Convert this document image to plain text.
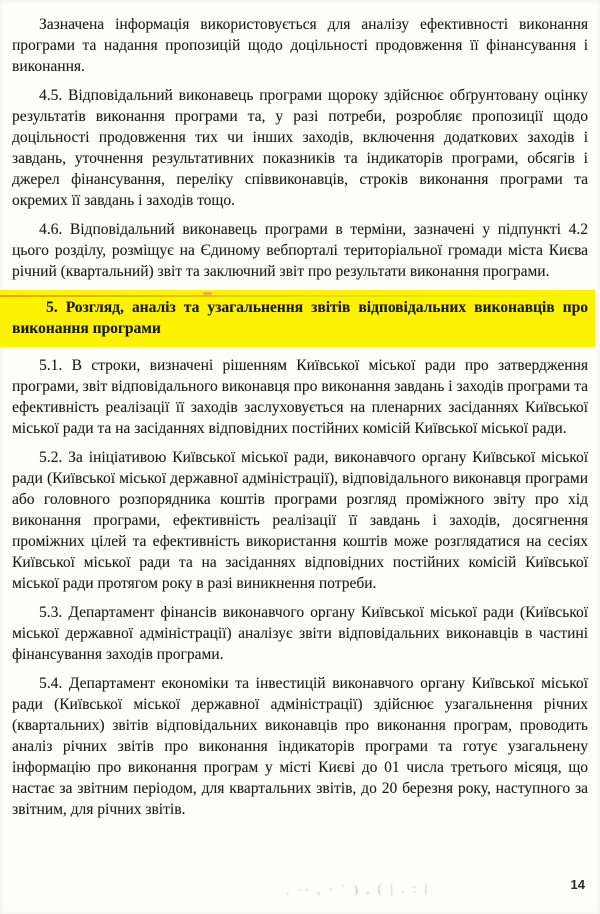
Зазначена інформація використовується для аналізу ефективності виконання програми та надання пропозицій щодо доцільності продовження її фінансування і виконання.

4.5. Відповідальний виконавець програми щороку здійснює обґрунтовану оцінку результатів виконання програми та, у разі потреби, розробляє пропозиції щодо доцільності продовження тих чи інших заходів, включення додаткових заходів і завдань, уточнення результативних показників та індикаторів програми, обсягів і джерел фінансування, переліку співвиконавців, строків виконання програми та окремих її завдань і заходів тощо.

4.6. Відповідальний виконавець програми в терміни, зазначені у підпункті 4.2 цього розділу, розміщує на Єдиному вебпорталі територіальної громади міста Києва річний (квартальний) звіт та заключний звіт про результати виконання програми.

5. Розгляд, аналіз та узагальнення звітів відповідальних виконавців про виконання програми

5.1. В строки, визначені рішенням Київської міської ради про затвердження програми, звіт відповідального виконавця про виконання завдань і заходів програми та ефективність реалізації її заходів заслуховується на пленарних засіданнях Київської міської ради та на засіданнях відповідних постійних комісій Київської міської ради.

5.2. За ініціативою Київської міської ради, виконавчого органу Київської міської ради (Київської міської державної адміністрації), відповідального виконавця програми або головного розпорядника коштів програми розгляд проміжного звіту про хід виконання програми, ефективність реалізації її завдань і заходів, досягнення проміжних цілей та ефективність використання коштів може розглядатися на сесіях Київської міської ради та на засіданнях відповідних постійних комісій Київської міської ради протягом року в разі виникнення потреби.

5.3. Департамент фінансів виконавчого органу Київської міської ради (Київської міської державної адміністрації) аналізує звіти відповідальних виконавців в частині фінансування заходів програми.

5.4. Департамент економіки та інвестицій виконавчого органу Київської міської ради (Київської міської державної адміністрації) здійснює узагальнення річних (квартальних) звітів відповідальних виконавців про виконання програм, проводить аналіз річних звітів про виконання індикаторів програми та готує узагальнену інформацію про виконання програм у місті Києві до 01 числа третього місяця, що настає за звітним періодом, для квартальних звітів, до 20 березня року, наступного за звітним, для річних звітів.

. ·· , · ˙ ) , ( | . : |	14
